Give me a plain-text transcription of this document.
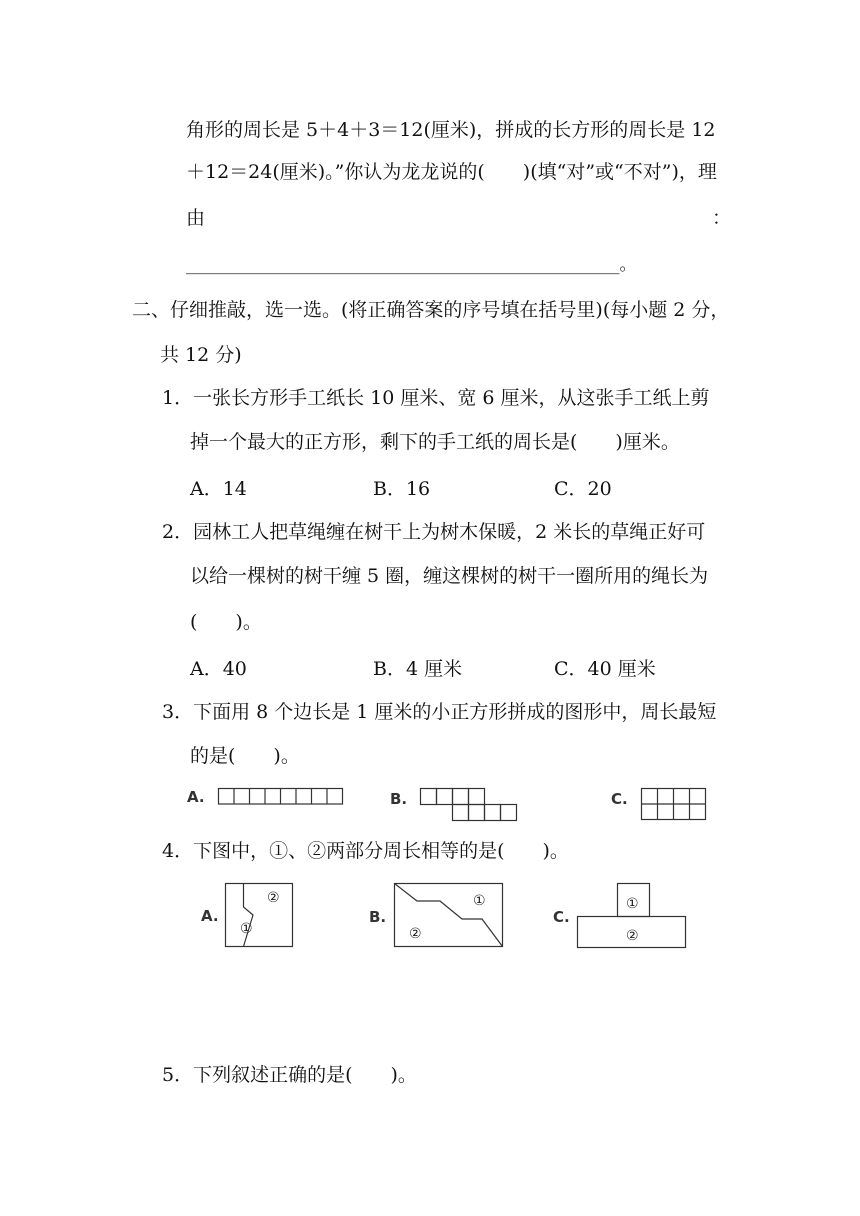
角形的周长是 5＋4＋3＝12(厘米)，拼成的长方形的周长是 12
＋12＝24(厘米)。”你认为龙龙说的(　　)(填“对”或“不对”)，理
由	：
___________________________________________________。
二、仔细推敲，选一选。(将正确答案的序号填在括号里)(每小题 2 分，
共 12 分)
1．一张长方形手工纸长 10 厘米、宽 6 厘米，从这张手工纸上剪
掉一个最大的正方形，剩下的手工纸的周长是(　　)厘米。
A．14	B．16	C．20
2．园林工人把草绳缠在树干上为树木保暖，2 米长的草绳正好可
以给一棵树的树干缠 5 圈，缠这棵树的树干一圈所用的绳长为
(　　)。
A．40	B．4 厘米	C．40 厘米
3．下面用 8 个边长是 1 厘米的小正方形拼成的图形中，周长最短
的是(　　)。
A.	B.	C.
4．下图中，①、②两部分周长相等的是(　　)。
A.
②
①
B.
①
②
C.
①
②
5．下列叙述正确的是(　　)。
